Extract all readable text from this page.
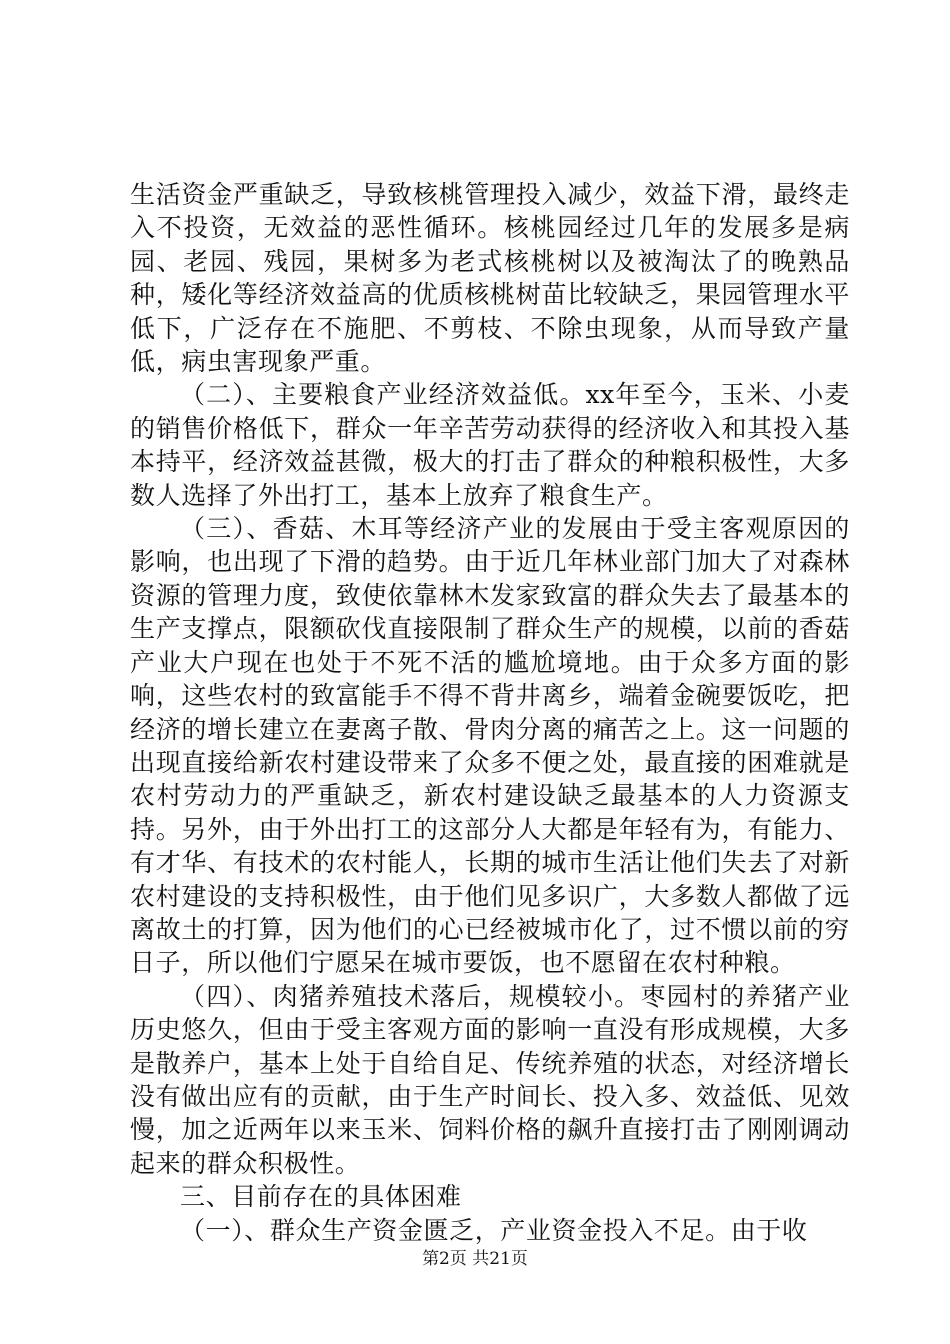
生活资金严重缺乏，导致核桃管理投入减少，效益下滑，最终走入不投资，无效益的恶性循环。核桃园经过几年的发展多是病园、老园、残园，果树多为老式核桃树以及被淘汰了的晚熟品种，矮化等经济效益高的优质核桃树苗比较缺乏，果园管理水平低下，广泛存在不施肥、不剪枝、不除虫现象，从而导致产量低，病虫害现象严重。

（二）、主要粮食产业经济效益低。xx年至今，玉米、小麦的销售价格低下，群众一年辛苦劳动获得的经济收入和其投入基本持平，经济效益甚微，极大的打击了群众的种粮积极性，大多数人选择了外出打工，基本上放弃了粮食生产。

（三）、香菇、木耳等经济产业的发展由于受主客观原因的影响，也出现了下滑的趋势。由于近几年林业部门加大了对森林资源的管理力度，致使依靠林木发家致富的群众失去了最基本的生产支撑点，限额砍伐直接限制了群众生产的规模，以前的香菇产业大户现在也处于不死不活的尴尬境地。由于众多方面的影响，这些农村的致富能手不得不背井离乡，端着金碗要饭吃，把经济的增长建立在妻离子散、骨肉分离的痛苦之上。这一问题的出现直接给新农村建设带来了众多不便之处，最直接的困难就是农村劳动力的严重缺乏，新农村建设缺乏最基本的人力资源支持。另外，由于外出打工的这部分人大都是年轻有为，有能力、有才华、有技术的农村能人，长期的城市生活让他们失去了对新农村建设的支持积极性，由于他们见多识广，大多数人都做了远离故土的打算，因为他们的心已经被城市化了，过不惯以前的穷日子，所以他们宁愿呆在城市要饭，也不愿留在农村种粮。

（四）、肉猪养殖技术落后，规模较小。枣园村的养猪产业历史悠久，但由于受主客观方面的影响一直没有形成规模，大多是散养户，基本上处于自给自足、传统养殖的状态，对经济增长没有做出应有的贡献，由于生产时间长、投入多、效益低、见效慢，加之近两年以来玉米、饲料价格的飙升直接打击了刚刚调动起来的群众积极性。

三、目前存在的具体困难

（一）、群众生产资金匮乏，产业资金投入不足。由于收

第2页 共21页
